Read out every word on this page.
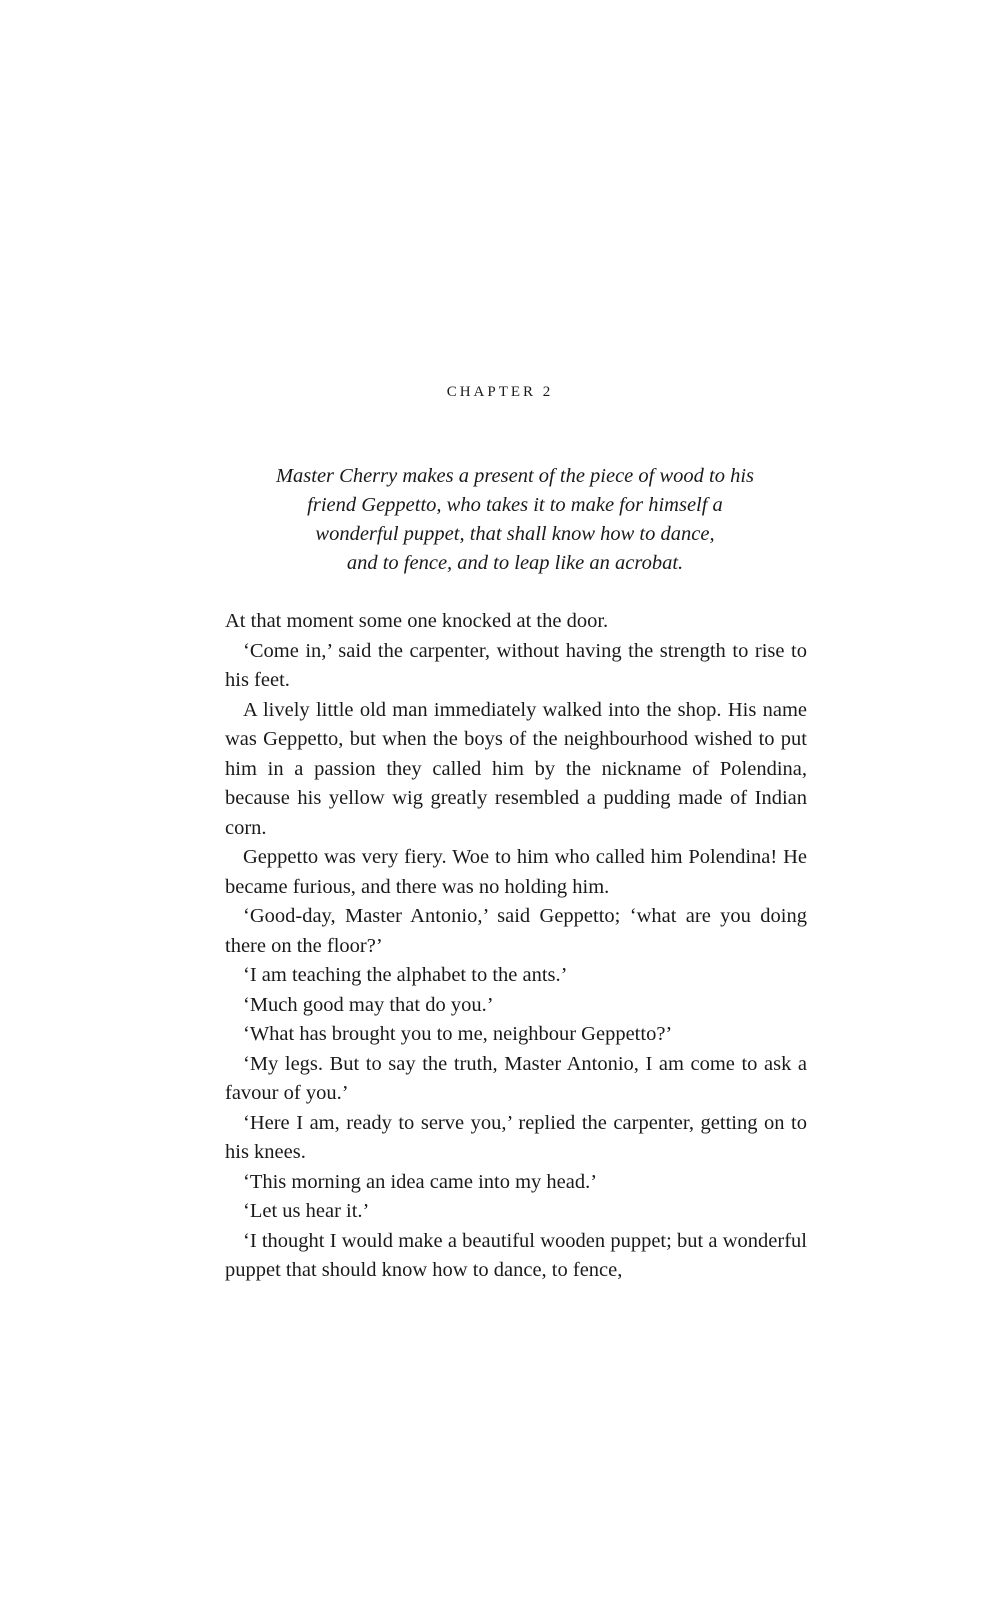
CHAPTER 2
Master Cherry makes a present of the piece of wood to his
friend Geppetto, who takes it to make for himself a
wonderful puppet, that shall know how to dance,
and to fence, and to leap like an acrobat.

At that moment some one knocked at the door.

‘Come in,’ said the carpenter, without having the strength to rise to his feet.

A lively little old man immediately walked into the shop. His name was Geppetto, but when the boys of the neighbourhood wished to put him in a passion they called him by the nickname of Polendina, because his yellow wig greatly resembled a pudding made of Indian corn.

Geppetto was very fiery. Woe to him who called him Polendina! He became furious, and there was no holding him.

‘Good-day, Master Antonio,’ said Geppetto; ‘what are you doing there on the floor?’

‘I am teaching the alphabet to the ants.’

‘Much good may that do you.’

‘What has brought you to me, neighbour Geppetto?’

‘My legs. But to say the truth, Master Antonio, I am come to ask a favour of you.’

‘Here I am, ready to serve you,’ replied the carpenter, getting on to his knees.

‘This morning an idea came into my head.’

‘Let us hear it.’

‘I thought I would make a beautiful wooden puppet; but a wonderful puppet that should know how to dance, to fence,
